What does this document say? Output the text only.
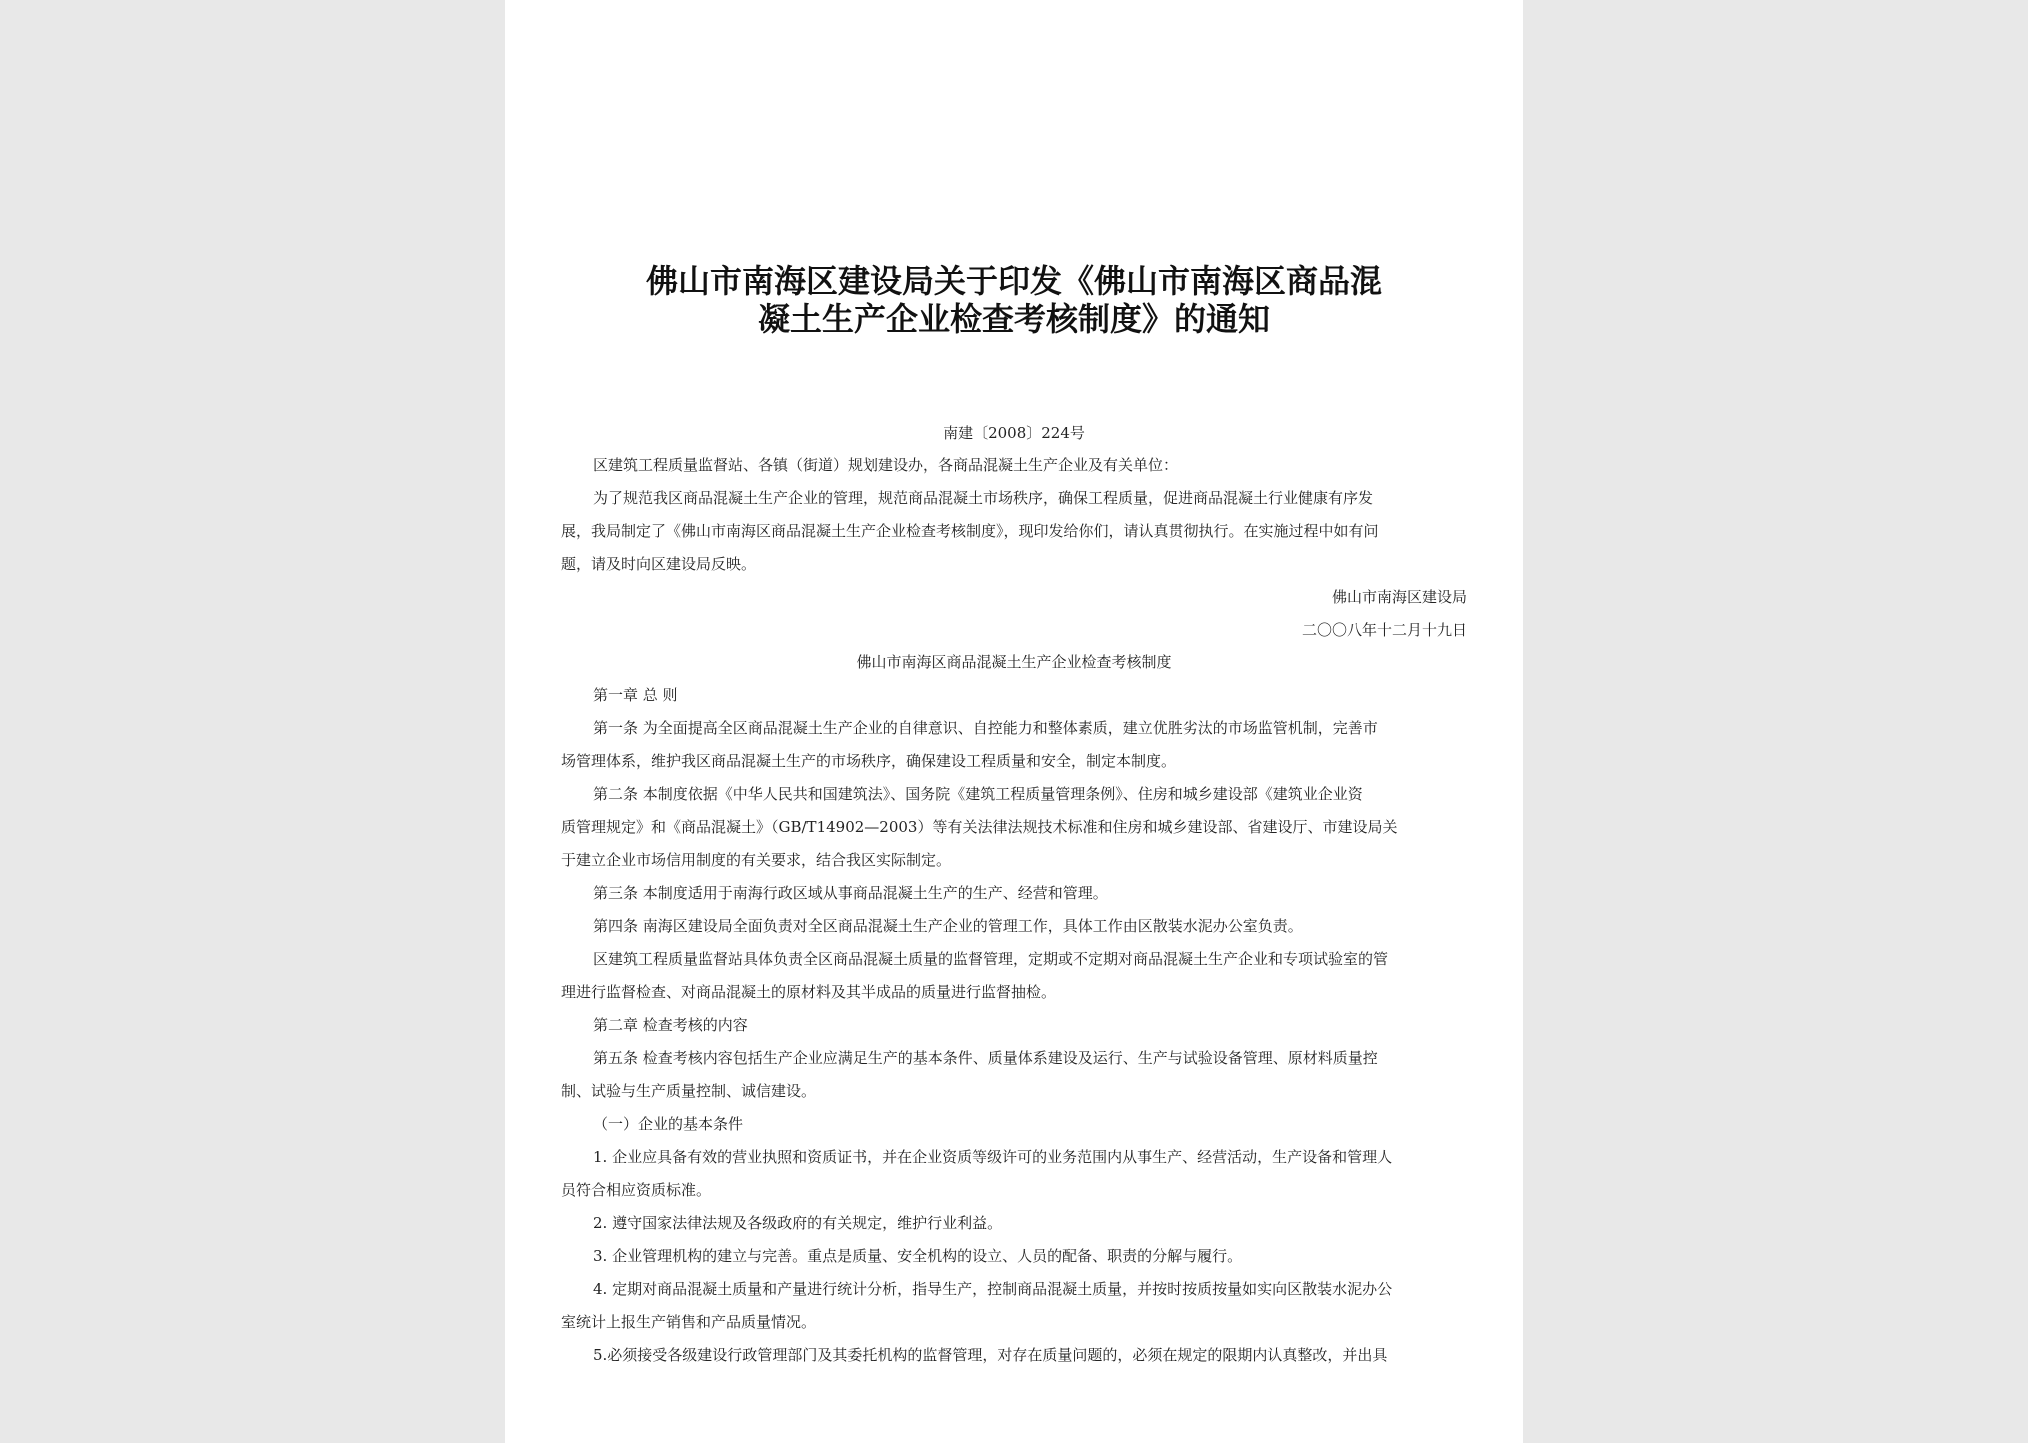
佛山市南海区建设局关于印发《佛山市南海区商品混

凝土生产企业检查考核制度》的通知

南建〔2008〕224号

区建筑工程质量监督站、各镇（街道）规划建设办，各商品混凝土生产企业及有关单位：

为了规范我区商品混凝土生产企业的管理，规范商品混凝土市场秩序，确保工程质量，促进商品混凝土行业健康有序发

展，我局制定了《佛山市南海区商品混凝土生产企业检查考核制度》，现印发给你们，请认真贯彻执行。在实施过程中如有问

题，请及时向区建设局反映。

佛山市南海区建设局

二〇〇八年十二月十九日

佛山市南海区商品混凝土生产企业检查考核制度

第一章 总 则

第一条 为全面提高全区商品混凝土生产企业的自律意识、自控能力和整体素质，建立优胜劣汰的市场监管机制，完善市

场管理体系，维护我区商品混凝土生产的市场秩序，确保建设工程质量和安全，制定本制度。

第二条 本制度依据《中华人民共和国建筑法》、国务院《建筑工程质量管理条例》、住房和城乡建设部《建筑业企业资

质管理规定》和《商品混凝土》（GB/T14902—2003）等有关法律法规技术标准和住房和城乡建设部、省建设厅、市建设局关

于建立企业市场信用制度的有关要求，结合我区实际制定。

第三条 本制度适用于南海行政区域从事商品混凝土生产的生产、经营和管理。

第四条 南海区建设局全面负责对全区商品混凝土生产企业的管理工作，具体工作由区散装水泥办公室负责。

区建筑工程质量监督站具体负责全区商品混凝土质量的监督管理，定期或不定期对商品混凝土生产企业和专项试验室的管

理进行监督检查、对商品混凝土的原材料及其半成品的质量进行监督抽检。

第二章 检查考核的内容

第五条 检查考核内容包括生产企业应满足生产的基本条件、质量体系建设及运行、生产与试验设备管理、原材料质量控

制、试验与生产质量控制、诚信建设。

（一）企业的基本条件

1. 企业应具备有效的营业执照和资质证书，并在企业资质等级许可的业务范围内从事生产、经营活动，生产设备和管理人

员符合相应资质标准。

2. 遵守国家法律法规及各级政府的有关规定，维护行业利益。

3. 企业管理机构的建立与完善。重点是质量、安全机构的设立、人员的配备、职责的分解与履行。

4. 定期对商品混凝土质量和产量进行统计分析，指导生产，控制商品混凝土质量，并按时按质按量如实向区散装水泥办公

室统计上报生产销售和产品质量情况。

5.必须接受各级建设行政管理部门及其委托机构的监督管理，对存在质量问题的，必须在规定的限期内认真整改，并出具
